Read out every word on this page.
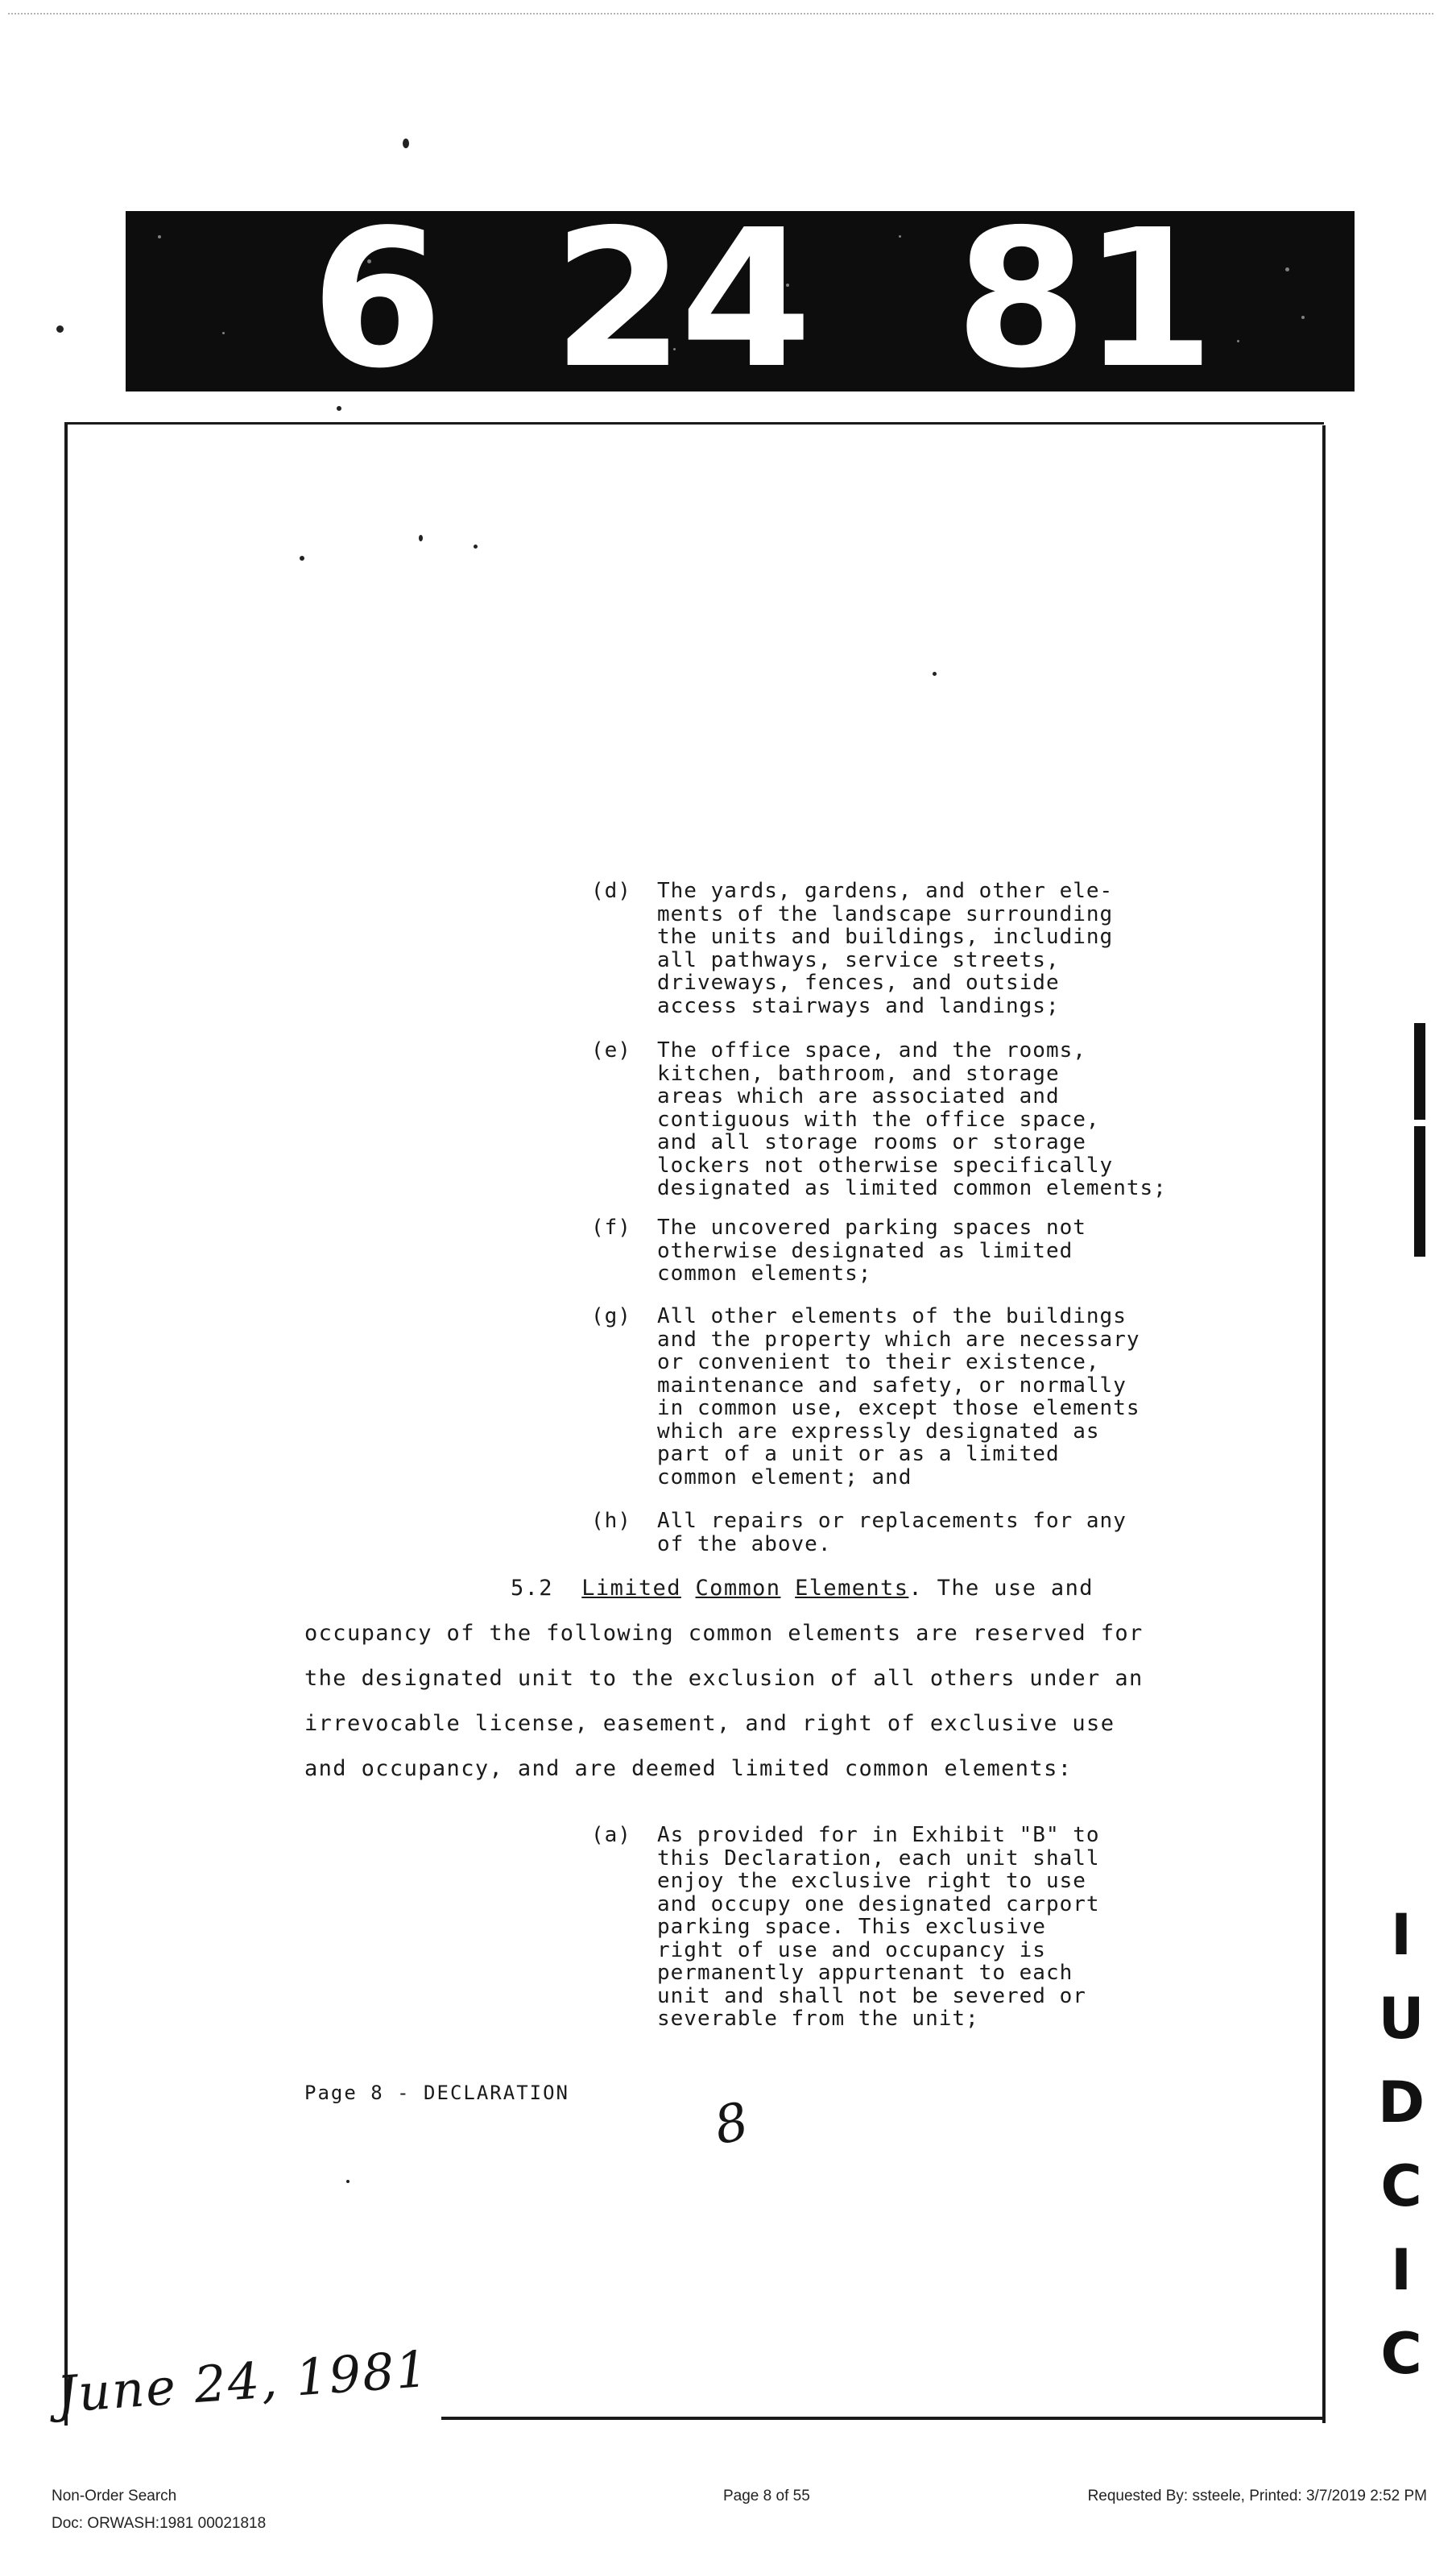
6 24 81
(d) The yards, gardens, and other ele-
ments of the landscape surrounding
the units and buildings, including
all pathways, service streets,
driveways, fences, and outside
access stairways and landings;
(e) The office space, and the rooms,
kitchen, bathroom, and storage
areas which are associated and
contiguous with the office space,
and all storage rooms or storage
lockers not otherwise specifically
designated as limited common elements;
(f) The uncovered parking spaces not
otherwise designated as limited
common elements;
(g) All other elements of the buildings
and the property which are necessary
or convenient to their existence,
maintenance and safety, or normally
in common use, except those elements
which are expressly designated as
part of a unit or as a limited
common element; and
(h) All repairs or replacements for any
of the above.
5.2 Limited Common Elements. The use and
occupancy of the following common elements are reserved for
the designated unit to the exclusion of all others under an
irrevocable license, easement, and right of exclusive use
and occupancy, and are deemed limited common elements:
(a) As provided for in Exhibit "B" to
this Declaration, each unit shall
enjoy the exclusive right to use
and occupy one designated carport
parking space. This exclusive
right of use and occupancy is
permanently appurtenant to each
unit and shall not be severed or
severable from the unit;
Page 8 - DECLARATION	8
June 24, 1981
I
U
D
C
I
C
Non-Order Search	Page 8 of 55	Requested By: ssteele, Printed: 3/7/2019 2:52 PM
Doc: ORWASH:1981 00021818
